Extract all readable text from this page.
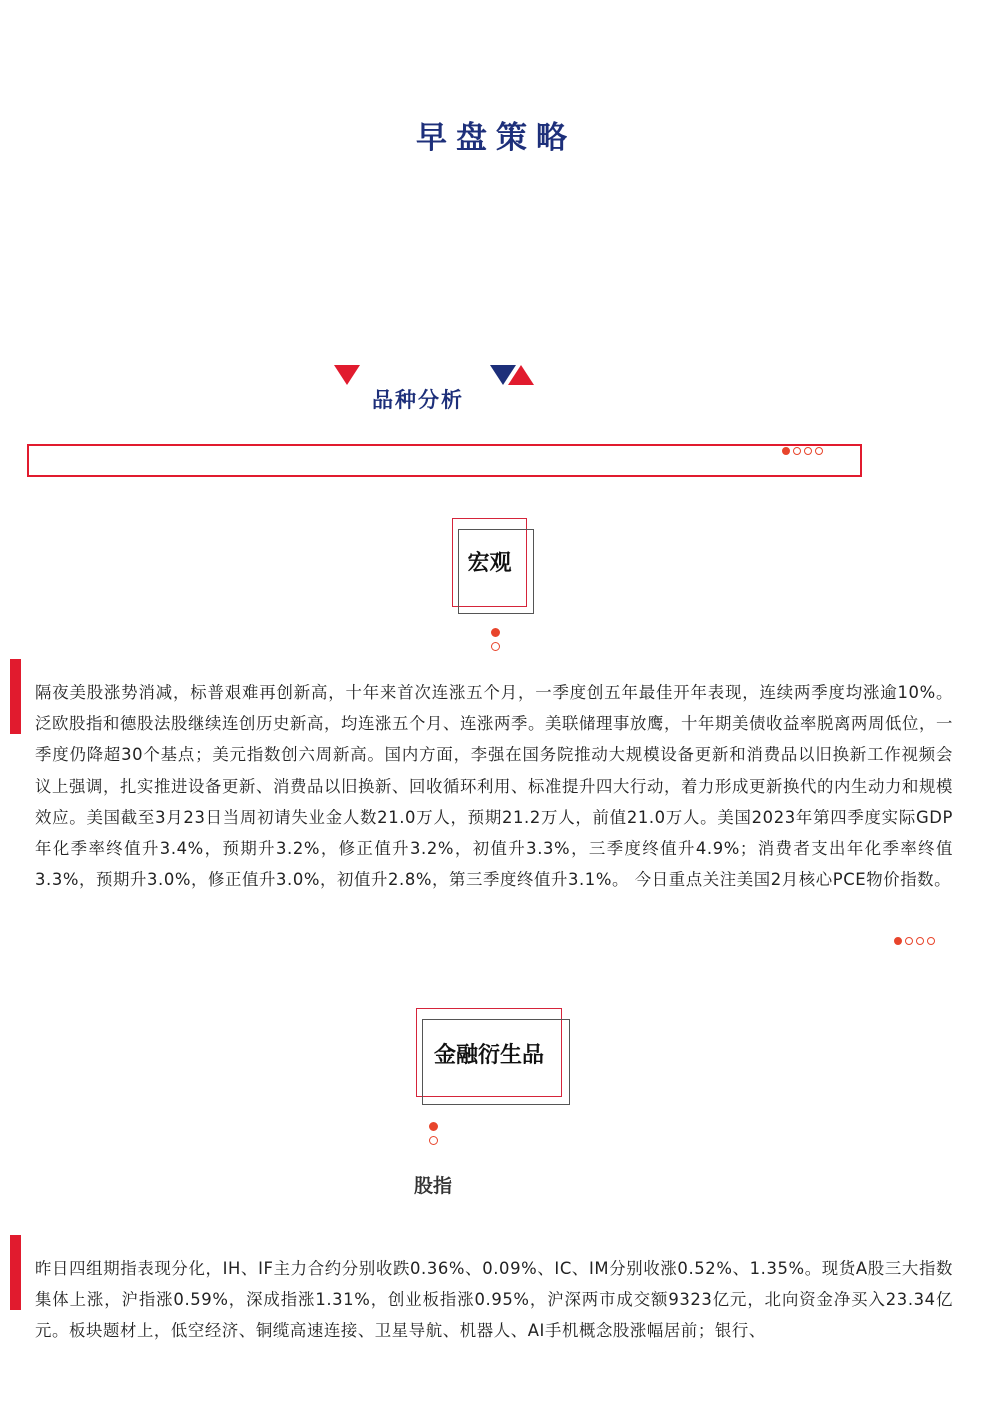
早盘策略
品种分析
宏观
隔夜美股涨势消减，标普艰难再创新高，十年来首次连涨五个月，一季度创五年最佳开年表现，连续两季度均涨逾10%。泛欧股指和德股法股继续连创历史新高，均连涨五个月、连涨两季。美联储理事放鹰，十年期美债收益率脱离两周低位，一季度仍降超30个基点；美元指数创六周新高。国内方面，李强在国务院推动大规模设备更新和消费品以旧换新工作视频会议上强调，扎实推进设备更新、消费品以旧换新、回收循环利用、标准提升四大行动，着力形成更新换代的内生动力和规模效应。美国截至3月23日当周初请失业金人数21.0万人，预期21.2万人，前值21.0万人。美国2023年第四季度实际GDP年化季率终值升3.4%，预期升3.2%，修正值升3.2%，初值升3.3%，三季度终值升4.9%；消费者支出年化季率终值3.3%，预期升3.0%，修正值升3.0%，初值升2.8%，第三季度终值升3.1%。 今日重点关注美国2月核心PCE物价指数。
金融衍生品
股指
昨日四组期指表现分化，IH、IF主力合约分别收跌0.36%、0.09%、IC、IM分别收涨0.52%、1.35%。现货A股三大指数集体上涨，沪指涨0.59%，深成指涨1.31%，创业板指涨0.95%，沪深两市成交额9323亿元，北向资金净买入23.34亿元。板块题材上，低空经济、铜缆高速连接、卫星导航、机器人、AI手机概念股涨幅居前；银行、
